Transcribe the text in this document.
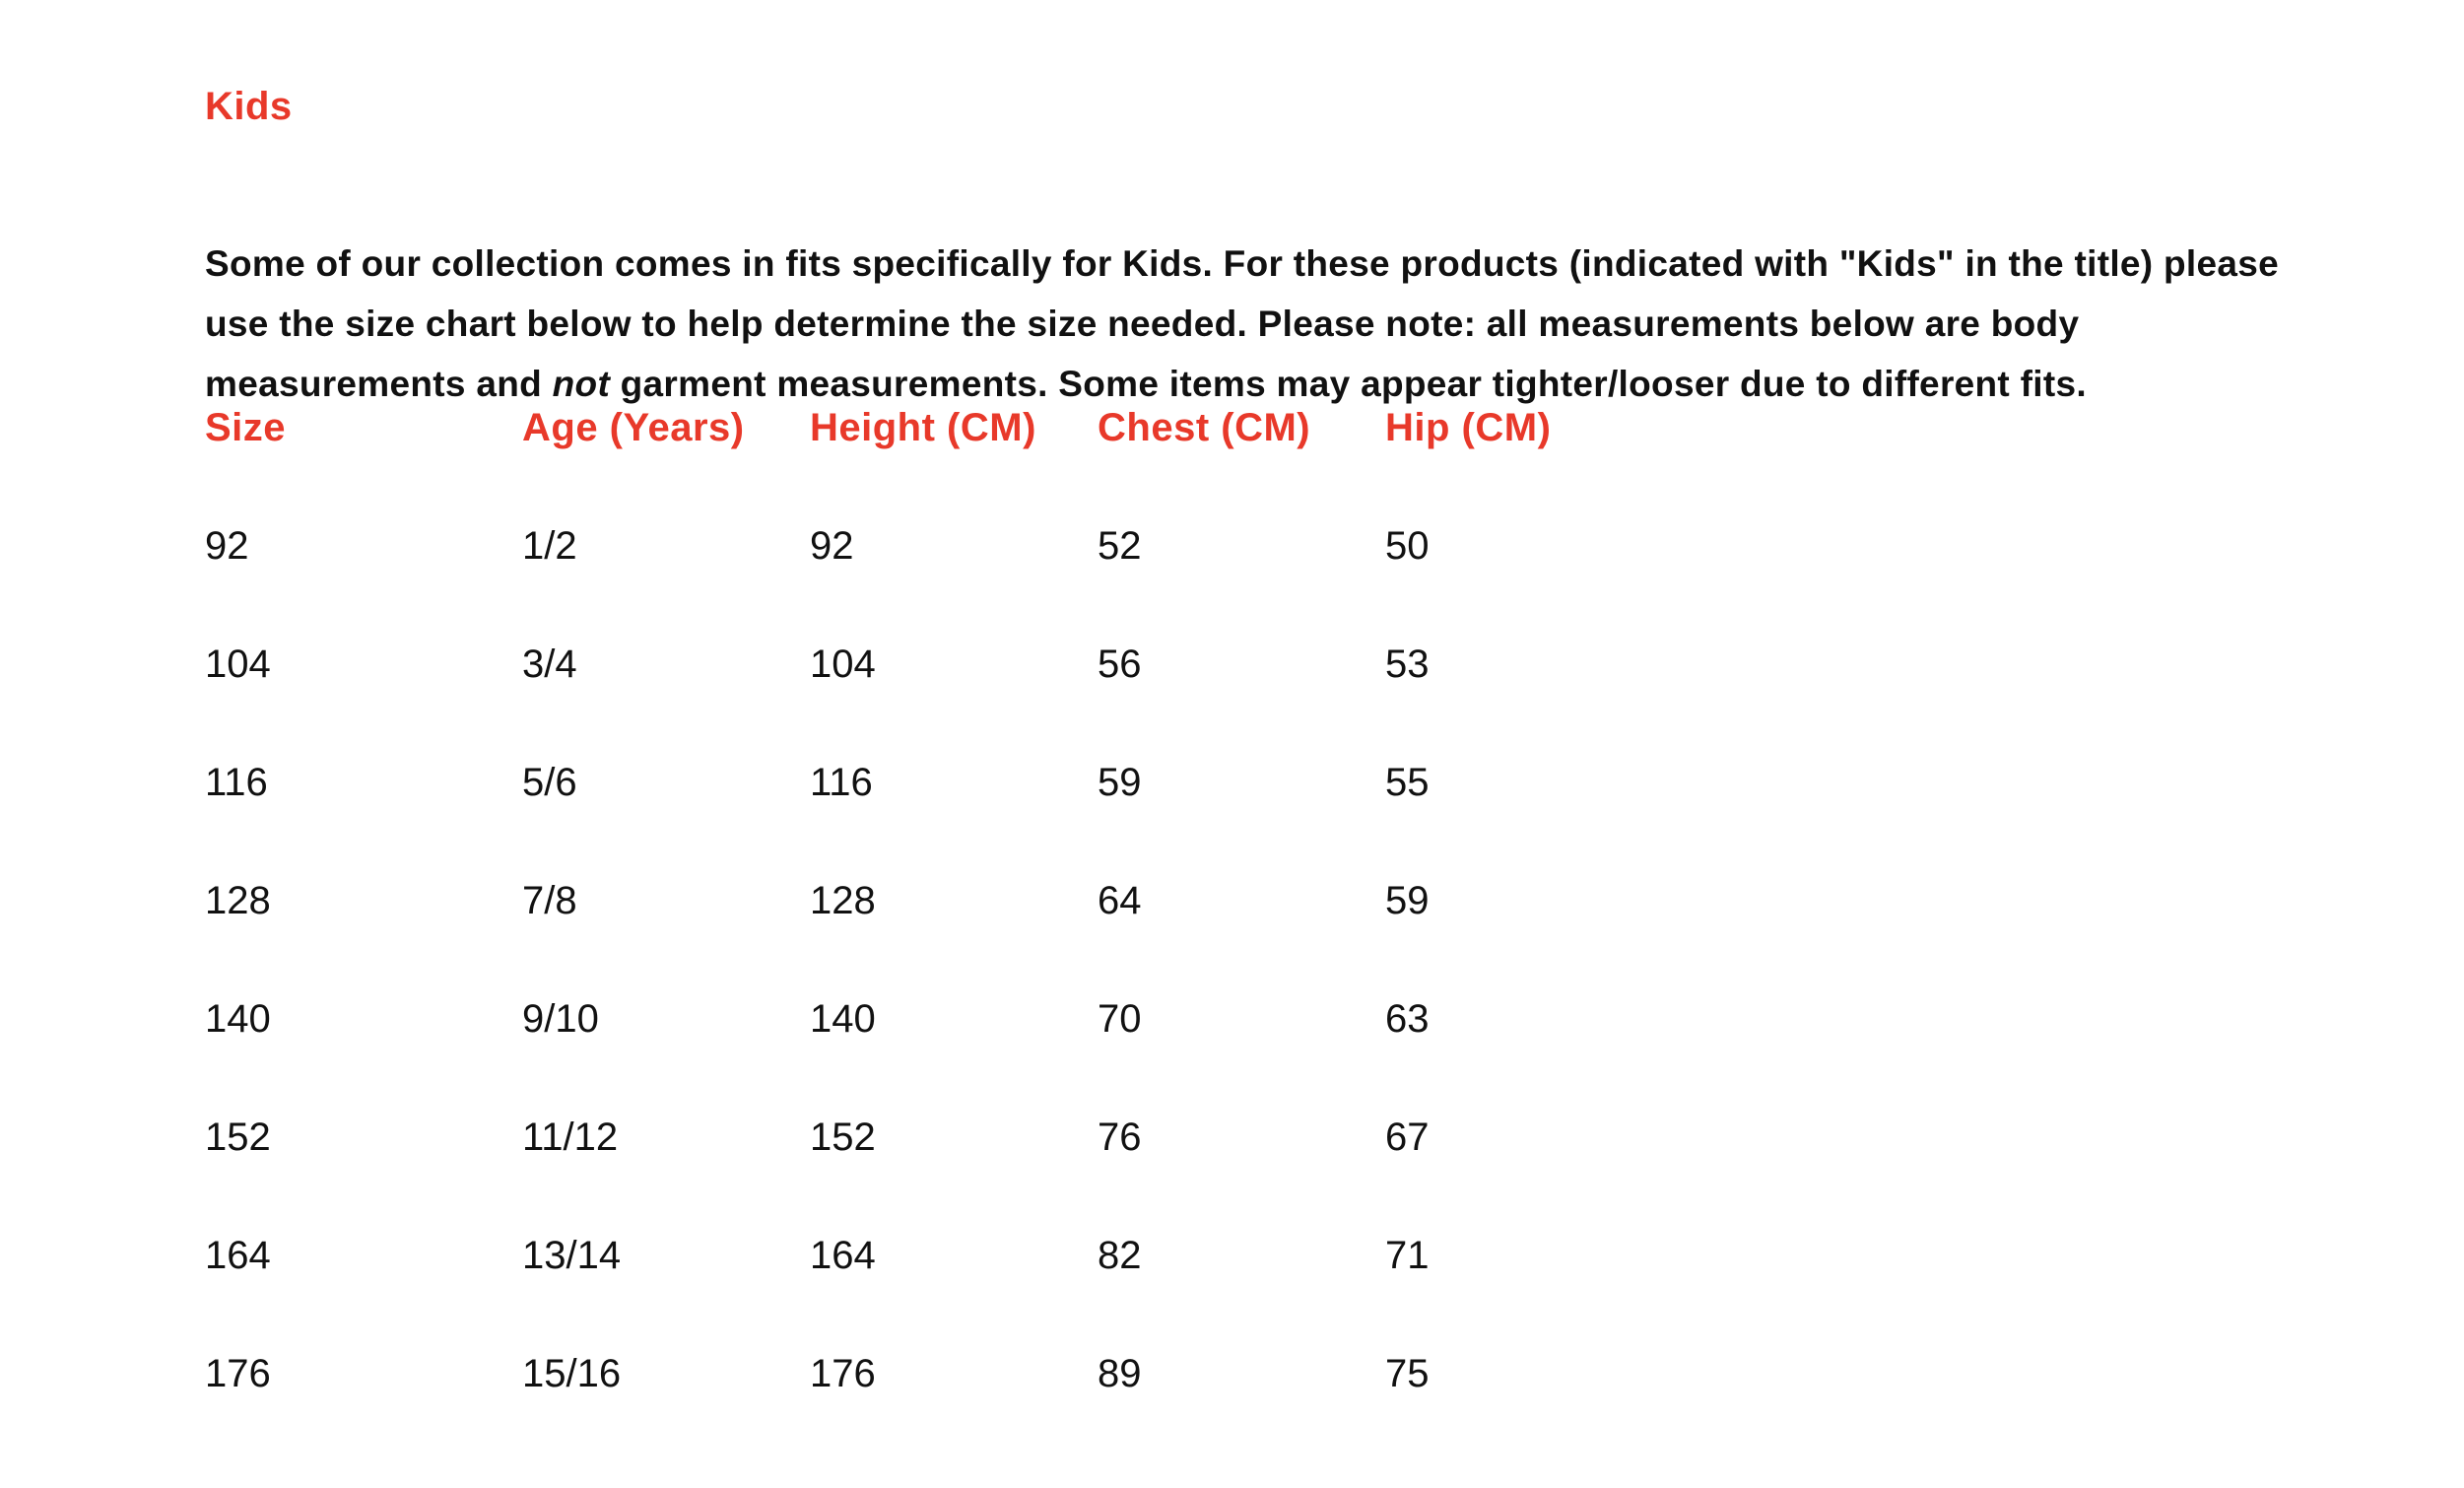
Kids

Some of our collection comes in fits specifically for Kids. For these products (indicated with "Kids" in the title) please use the size chart below to help determine the size needed. Please note: all measurements below are body measurements and not garment measurements. Some items may appear tighter/looser due to different fits.

Size	Age (Years)	Height (CM)	Chest (CM)	Hip (CM)
92	1/2	92	52	50
104	3/4	104	56	53
116	5/6	116	59	55
128	7/8	128	64	59
140	9/10	140	70	63
152	11/12	152	76	67
164	13/14	164	82	71
176	15/16	176	89	75
